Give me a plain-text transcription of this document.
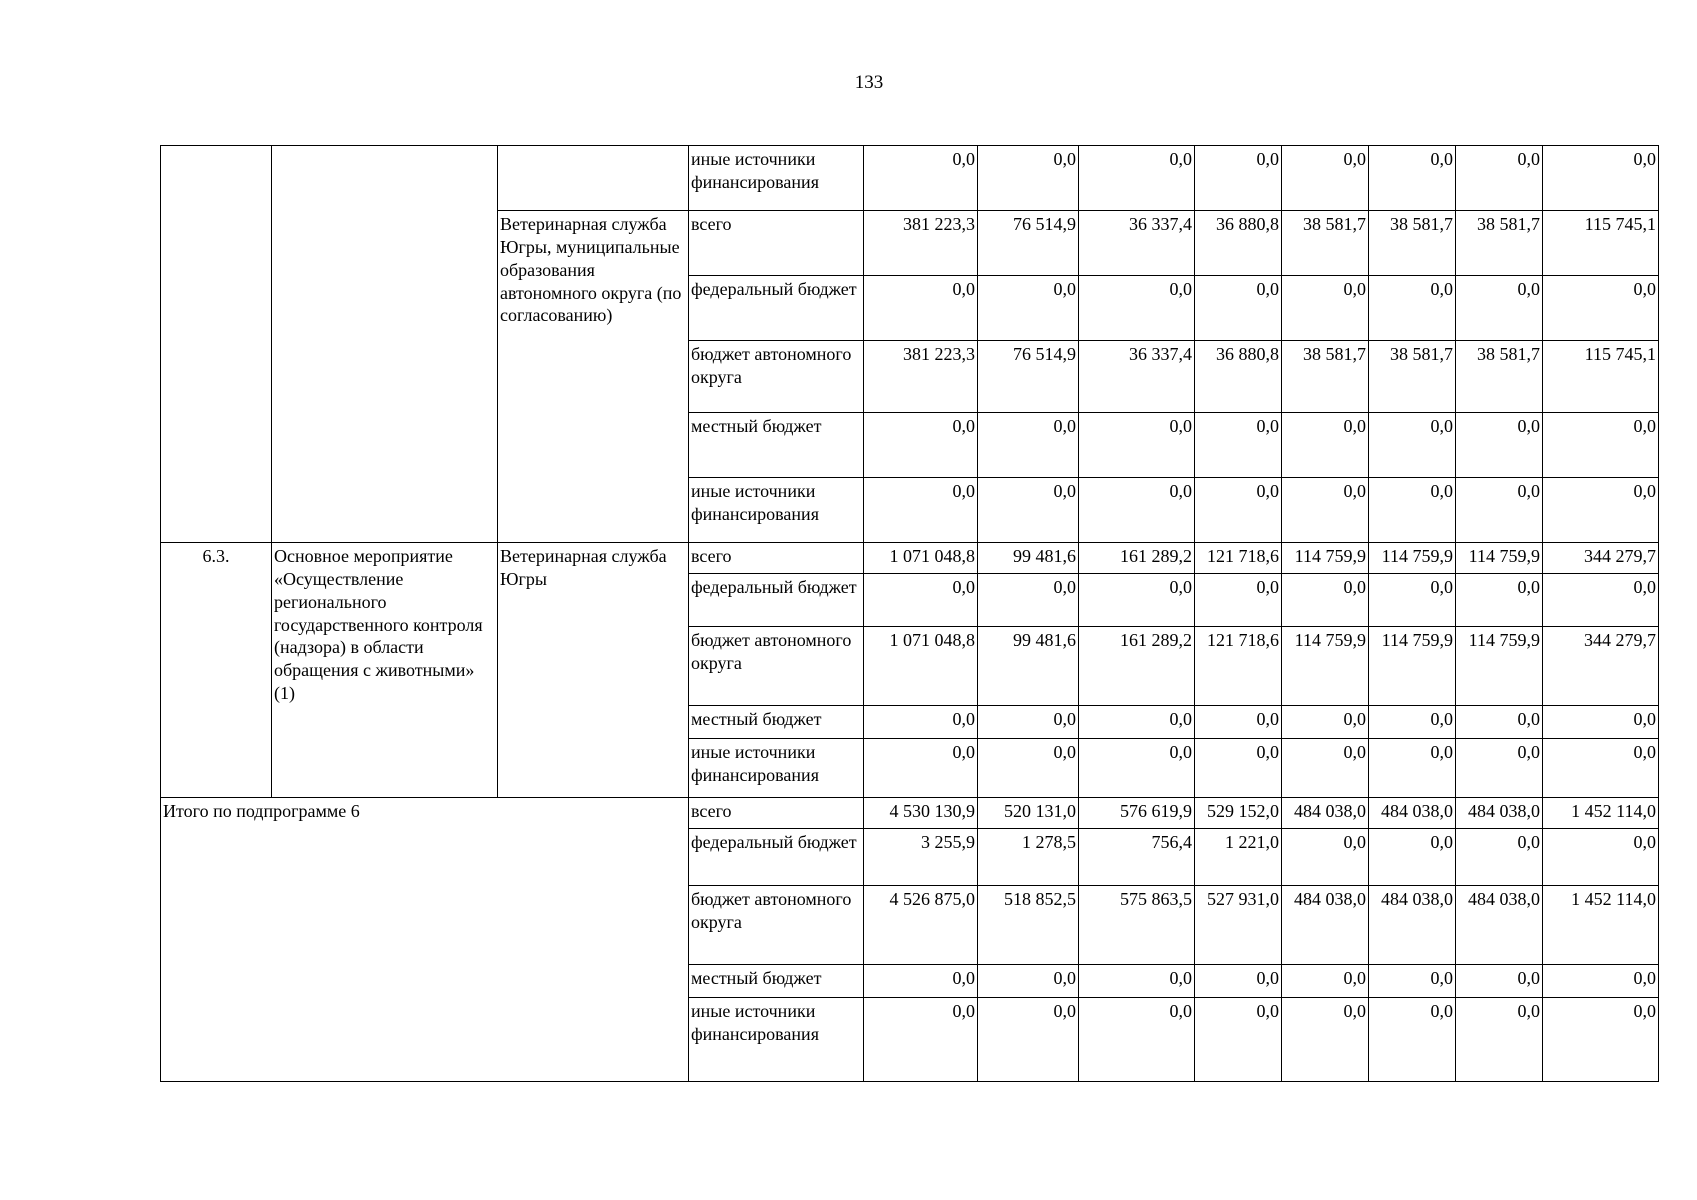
133
			иные источники финансирования	0,0	0,0	0,0	0,0	0,0	0,0	0,0	0,0
		Ветеринарная служба Югры, муниципальные образования автономного округа (по согласованию)	всего	381 223,3	76 514,9	36 337,4	36 880,8	38 581,7	38 581,7	38 581,7	115 745,1
			федеральный бюджет	0,0	0,0	0,0	0,0	0,0	0,0	0,0	0,0
			бюджет автономного округа	381 223,3	76 514,9	36 337,4	36 880,8	38 581,7	38 581,7	38 581,7	115 745,1
			местный бюджет	0,0	0,0	0,0	0,0	0,0	0,0	0,0	0,0
			иные источники финансирования	0,0	0,0	0,0	0,0	0,0	0,0	0,0	0,0
6.3.	Основное мероприятие «Осуществление регионального государственного контроля (надзора) в области обращения с животными» (1)	Ветеринарная служба Югры	всего	1 071 048,8	99 481,6	161 289,2	121 718,6	114 759,9	114 759,9	114 759,9	344 279,7
			федеральный бюджет	0,0	0,0	0,0	0,0	0,0	0,0	0,0	0,0
			бюджет автономного округа	1 071 048,8	99 481,6	161 289,2	121 718,6	114 759,9	114 759,9	114 759,9	344 279,7
			местный бюджет	0,0	0,0	0,0	0,0	0,0	0,0	0,0	0,0
			иные источники финансирования	0,0	0,0	0,0	0,0	0,0	0,0	0,0	0,0
Итого по подпрограмме 6			всего	4 530 130,9	520 131,0	576 619,9	529 152,0	484 038,0	484 038,0	484 038,0	1 452 114,0
			федеральный бюджет	3 255,9	1 278,5	756,4	1 221,0	0,0	0,0	0,0	0,0
			бюджет автономного округа	4 526 875,0	518 852,5	575 863,5	527 931,0	484 038,0	484 038,0	484 038,0	1 452 114,0
			местный бюджет	0,0	0,0	0,0	0,0	0,0	0,0	0,0	0,0
			иные источники финансирования	0,0	0,0	0,0	0,0	0,0	0,0	0,0	0,0
